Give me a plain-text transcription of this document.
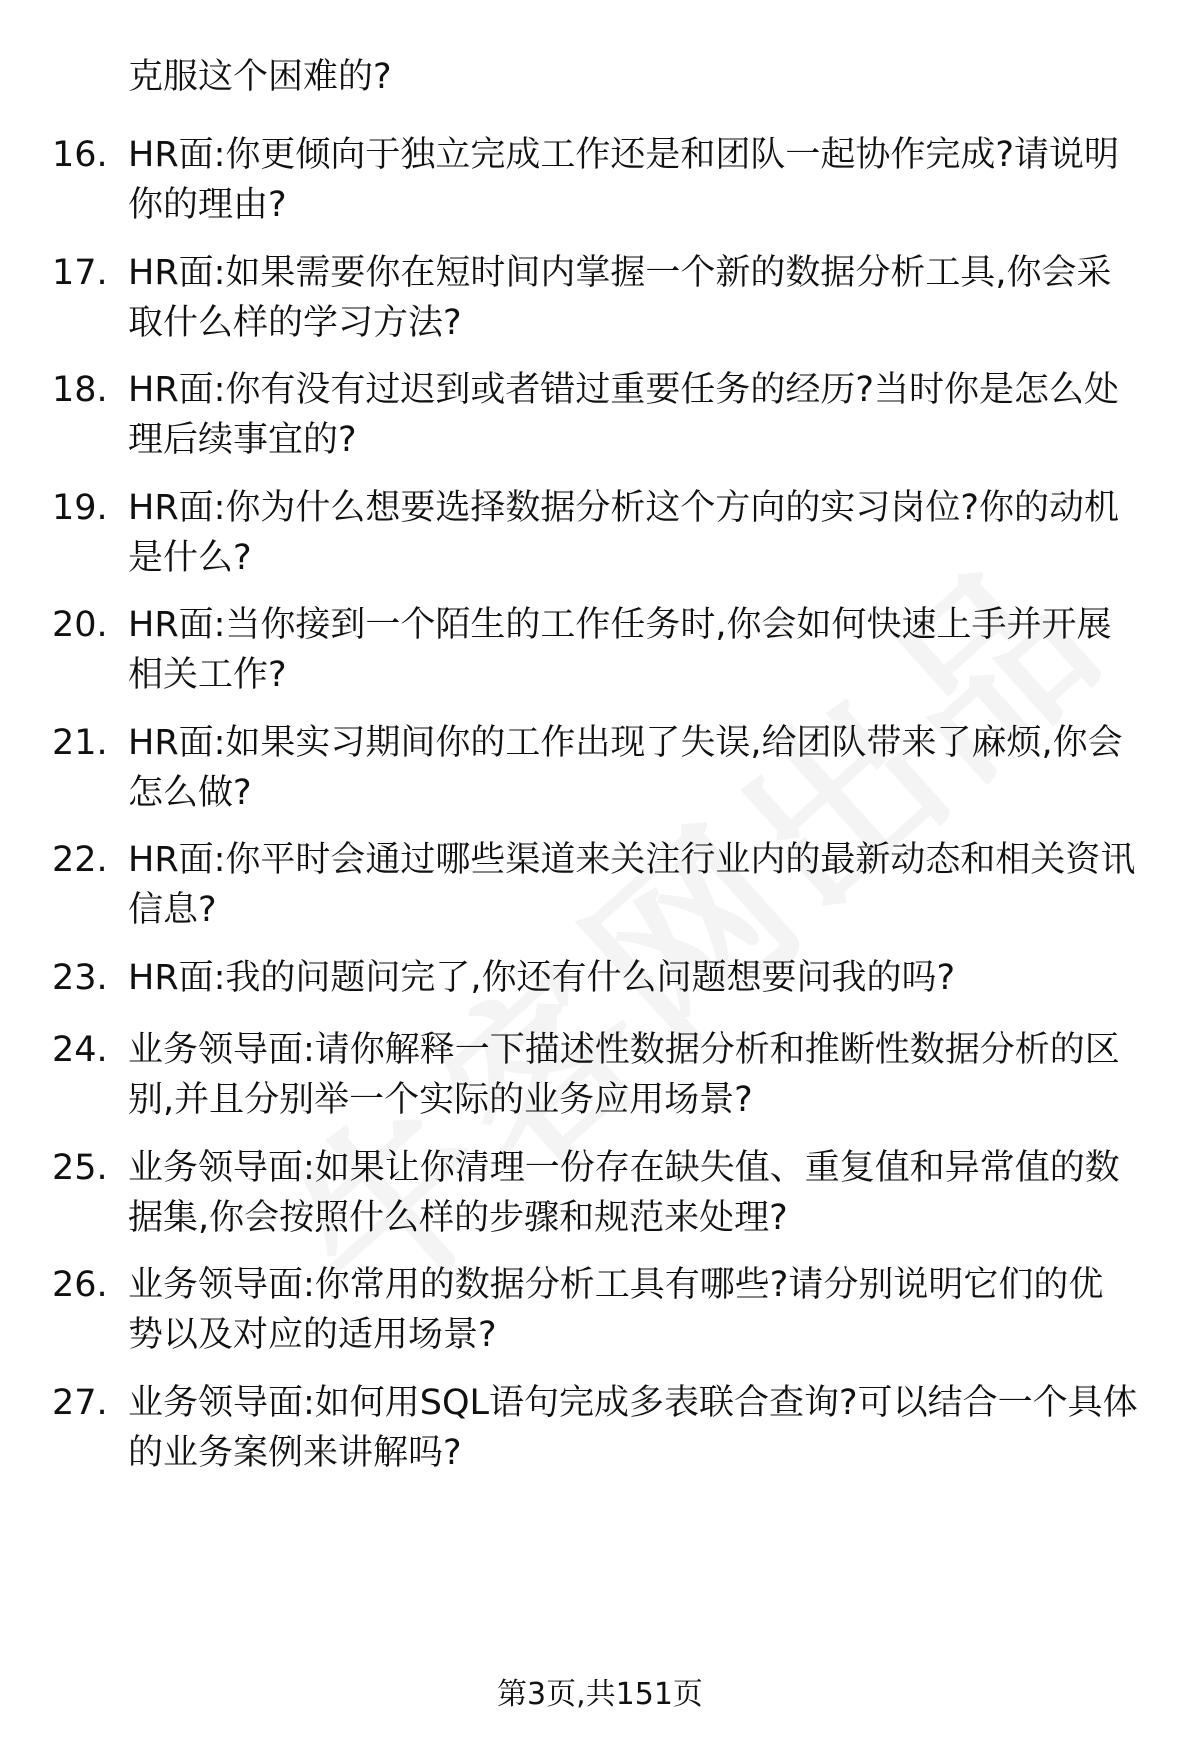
克服这个困难的?

16. HR面:你更倾向于独立完成工作还是和团队一起协作完成?请说明你的理由?
17. HR面:如果需要你在短时间内掌握一个新的数据分析工具,你会采取什么样的学习方法?
18. HR面:你有没有过迟到或者错过重要任务的经历?当时你是怎么处理后续事宜的?
19. HR面:你为什么想要选择数据分析这个方向的实习岗位?你的动机是什么?
20. HR面:当你接到一个陌生的工作任务时,你会如何快速上手并开展相关工作?
21. HR面:如果实习期间你的工作出现了失误,给团队带来了麻烦,你会怎么做?
22. HR面:你平时会通过哪些渠道来关注行业内的最新动态和相关资讯信息?
23. HR面:我的问题问完了,你还有什么问题想要问我的吗?
24. 业务领导面:请你解释一下描述性数据分析和推断性数据分析的区别,并且分别举一个实际的业务应用场景?
25. 业务领导面:如果让你清理一份存在缺失值、重复值和异常值的数据集,你会按照什么样的步骤和规范来处理?
26. 业务领导面:你常用的数据分析工具有哪些?请分别说明它们的优势以及对应的适用场景?
27. 业务领导面:如何用SQL语句完成多表联合查询?可以结合一个具体的业务案例来讲解吗?
第3页,共151页
